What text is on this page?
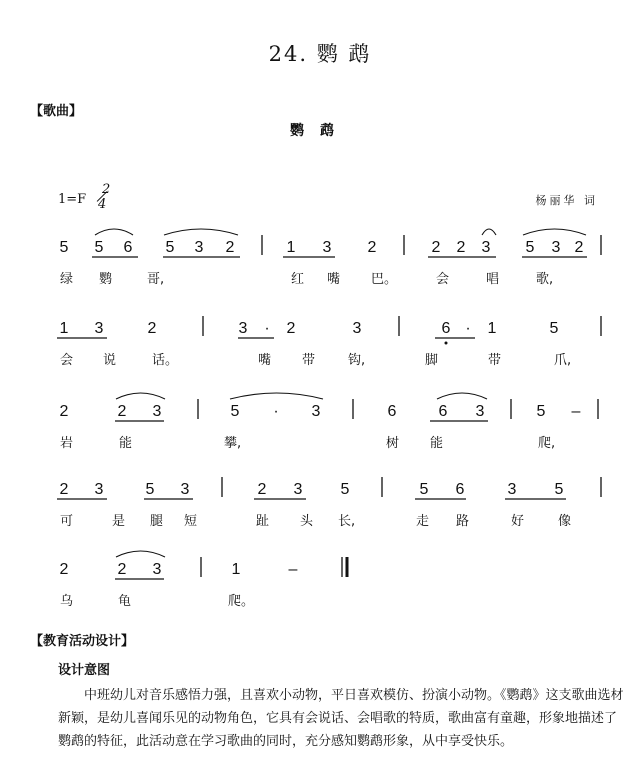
24. 鹦 鹉
【歌曲】
鹦鹉
1=F
2
4	杨丽华 词
5 5 6 5 3 2	1 3 2	2 2 3 5 3 2
1 3	2	3 · 2	3	6 · 1	5
2	2 3	5 · 3	6	6 3	5 –
2 3	5 3	2 3 5	5 6	3 5
2	2 3	1	–
绿 鹦	哥,	红 嘴 巴。	会	唱	歌,
会 说	话。	嘴 带	钩,	脚	带	爪,
岩	能	攀,	树 能	爬,
可	是 腿 短	趾 头 长,	走 路	好	像
乌	龟	爬。
【教育活动设计】
设计意图
中班幼儿对音乐感悟力强，且喜欢小动物，平日喜欢模仿、扮演小动物。《鹦鹉》这支歌曲选材新颖，是幼儿喜闻乐见的动物角色，它具有会说话、会唱歌的特质，歌曲富有童趣，形象地描述了鹦鹉的特征，此活动意在学习歌曲的同时，充分感知鹦鹉形象，从中享受快乐。
